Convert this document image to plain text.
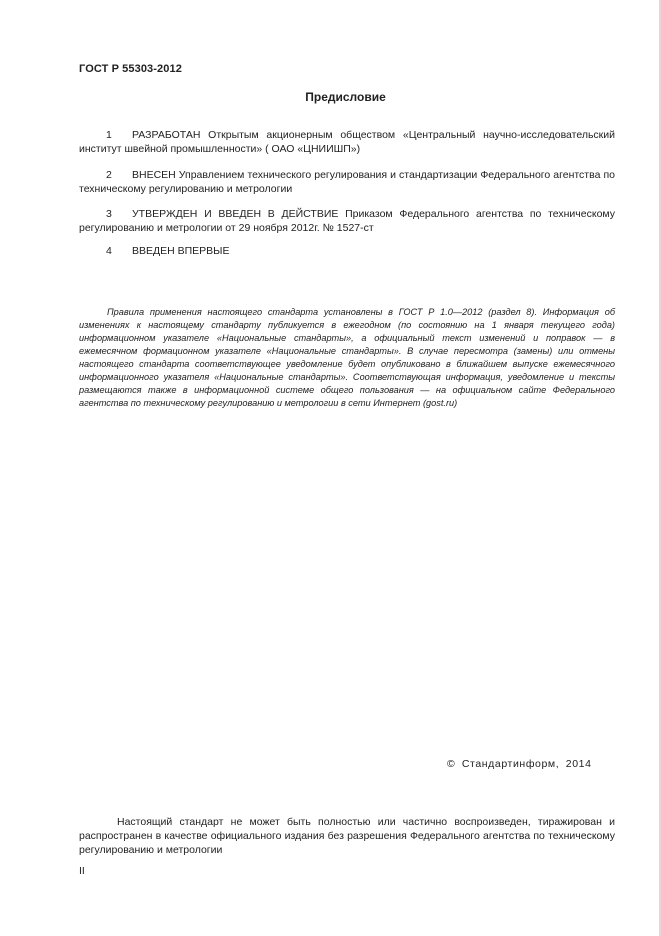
ГОСТ Р 55303-2012
Предисловие
1 РАЗРАБОТАН Открытым акционерным обществом «Центральный научно-исследовательский институт швейной промышленности» ( ОАО «ЦНИИШП»)
2 ВНЕСЕН Управлением технического регулирования и стандартизации Федерального агентства по техническому регулированию и метрологии
3 УТВЕРЖДЕН И ВВЕДЕН В ДЕЙСТВИЕ Приказом Федерального агентства по техническому регулированию и метрологии от 29 ноября 2012г. № 1527-ст
4 ВВЕДЕН ВПЕРВЫЕ
Правила применения настоящего стандарта установлены в ГОСТ Р 1.0—2012 (раздел 8). Информация об изменениях к настоящему стандарту публикуется в ежегодном (по состоянию на 1 января текущего года) информационном указателе «Национальные стандарты», а официальный текст изменений и поправок — в ежемесячном формационном указателе «Национальные стандарты». В случае пересмотра (замены) или отмены настоящего стандарта соответствующее уведомление будет опубликовано в ближайшем выпуске ежемесячного информационного указателя «Национальные стандарты». Соответствующая информация, уведомление и тексты размещаются также в информационной системе общего пользования — на официальном сайте Федерального агентства по техническому регулированию и метрологии в сети Интернет (gost.ru)
© Стандартинформ, 2014
Настоящий стандарт не может быть полностью или частично воспроизведен, тиражирован и распространен в качестве официального издания без разрешения Федерального агентства по техническому регулированию и метрологии
II
